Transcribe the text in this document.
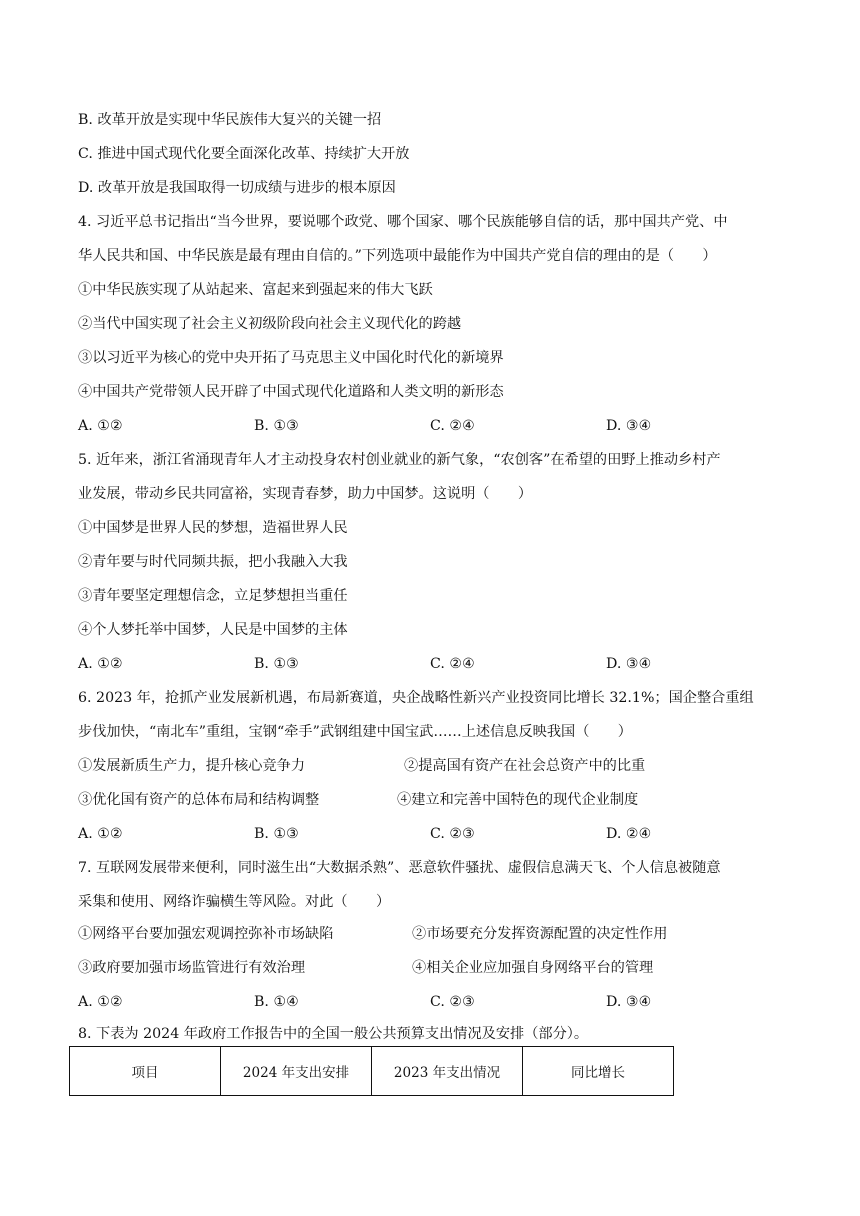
B. 改革开放是实现中华民族伟大复兴的关键一招
C. 推进中国式现代化要全面深化改革、持续扩大开放
D. 改革开放是我国取得一切成绩与进步的根本原因
4. 习近平总书记指出“当今世界，要说哪个政党、哪个国家、哪个民族能够自信的话，那中国共产党、中
华人民共和国、中华民族是最有理由自信的。”下列选项中最能作为中国共产党自信的理由的是（　　）
①中华民族实现了从站起来、富起来到强起来的伟大飞跃
②当代中国实现了社会主义初级阶段向社会主义现代化的跨越
③以习近平为核心的党中央开拓了马克思主义中国化时代化的新境界
④中国共产党带领人民开辟了中国式现代化道路和人类文明的新形态
A. ①②	B. ①③	C. ②④	D. ③④
5. 近年来，浙江省涌现青年人才主动投身农村创业就业的新气象，“农创客”在希望的田野上推动乡村产
业发展，带动乡民共同富裕，实现青春梦，助力中国梦。这说明（　　）
①中国梦是世界人民的梦想，造福世界人民
②青年要与时代同频共振，把小我融入大我
③青年要坚定理想信念，立足梦想担当重任
④个人梦托举中国梦，人民是中国梦的主体
A. ①②	B. ①③	C. ②④	D. ③④
6. 2023 年，抢抓产业发展新机遇，布局新赛道，央企战略性新兴产业投资同比增长 32.1%；国企整合重组
步伐加快，“南北车”重组，宝钢“牵手”武钢组建中国宝武……上述信息反映我国（　　）
①发展新质生产力，提升核心竞争力	②提高国有资产在社会总资产中的比重
③优化国有资产的总体布局和结构调整	④建立和完善中国特色的现代企业制度
A. ①②	B. ①③	C. ②③	D. ②④
7. 互联网发展带来便利，同时滋生出“大数据杀熟”、恶意软件骚扰、虚假信息满天飞、个人信息被随意
采集和使用、网络诈骗横生等风险。对此（　　）
①网络平台要加强宏观调控弥补市场缺陷	②市场要充分发挥资源配置的决定性作用
③政府要加强市场监管进行有效治理	④相关企业应加强自身网络平台的管理
A. ①②	B. ①④	C. ②③	D. ③④
8. 下表为 2024 年政府工作报告中的全国一般公共预算支出情况及安排（部分）。
项目	2024 年支出安排	2023 年支出情况	同比增长
